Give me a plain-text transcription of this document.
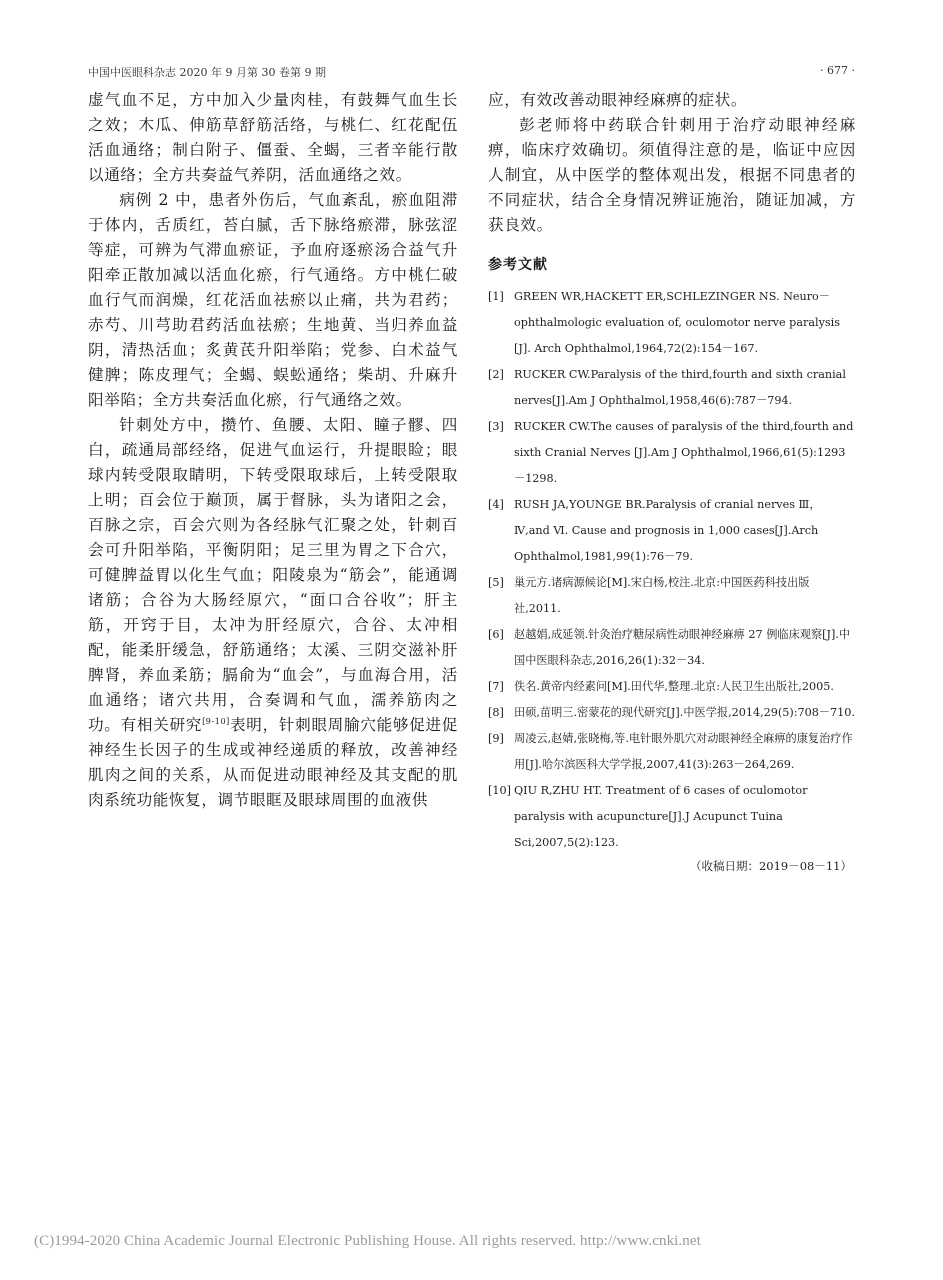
中国中医眼科杂志 2020 年 9 月第 30 卷第 9 期	· 677 ·

虚气血不足，方中加入少量肉桂，有鼓舞气血生长之效；木瓜、伸筋草舒筋活络，与桃仁、红花配伍活血通络；制白附子、僵蚕、全蝎，三者辛能行散以通络；全方共奏益气养阴，活血通络之效。

病例 2 中，患者外伤后，气血紊乱，瘀血阻滞于体内，舌质红，苔白腻，舌下脉络瘀滞，脉弦涩等症，可辨为气滞血瘀证，予血府逐瘀汤合益气升阳牵正散加减以活血化瘀，行气通络。方中桃仁破血行气而润燥，红花活血祛瘀以止痛，共为君药；赤芍、川芎助君药活血祛瘀；生地黄、当归养血益阴，清热活血；炙黄芪升阳举陷；党参、白术益气健脾；陈皮理气；全蝎、蜈蚣通络；柴胡、升麻升阳举陷；全方共奏活血化瘀，行气通络之效。

针刺处方中，攒竹、鱼腰、太阳、瞳子髎、四白，疏通局部经络，促进气血运行，升提眼睑；眼球内转受限取睛明，下转受限取球后，上转受限取上明；百会位于巅顶，属于督脉，头为诸阳之会，百脉之宗，百会穴则为各经脉气汇聚之处，针刺百会可升阳举陷，平衡阴阳；足三里为胃之下合穴，可健脾益胃以化生气血；阳陵泉为“筋会”，能通调诸筋；合谷为大肠经原穴，“面口合谷收”；肝主筋，开窍于目，太冲为肝经原穴，合谷、太冲相配，能柔肝缓急，舒筋通络；太溪、三阴交滋补肝脾肾，养血柔筋；膈俞为“血会”，与血海合用，活血通络；诸穴共用，合奏调和气血，濡养筋肉之功。有相关研究[9-10]表明，针刺眼周腧穴能够促进促神经生长因子的生成或神经递质的释放，改善神经肌肉之间的关系，从而促进动眼神经及其支配的肌肉系统功能恢复，调节眼眶及眼球周围的血液供

应，有效改善动眼神经麻痹的症状。

彭老师将中药联合针刺用于治疗动眼神经麻痹，临床疗效确切。须值得注意的是，临证中应因人制宜，从中医学的整体观出发，根据不同患者的不同症状，结合全身情况辨证施治，随证加减，方获良效。

参考文献
[1] GREEN WR,HACKETT ER,SCHLEZINGER NS. Neuro－ophthalmologic evaluation of, oculomotor nerve paralysis [J]. Arch Ophthalmol,1964,72(2):154－167.
[2] RUCKER CW.Paralysis of the third,fourth and sixth cranial nerves[J].Am J Ophthalmol,1958,46(6):787－794.
[3] RUCKER CW.The causes of paralysis of the third,fourth and sixth Cranial Nerves [J].Am J Ophthalmol,1966,61(5):1293－1298.
[4] RUSH JA,YOUNGE BR.Paralysis of cranial nerves Ⅲ，Ⅳ,and Ⅵ. Cause and prognosis in 1,000 cases[J].Arch Ophthalmol,1981,99(1):76－79.
[5] 巢元方.诸病源候论[M].宋白杨,校注.北京:中国医药科技出版社,2011.
[6] 赵越娟,成延领.针灸治疗糖尿病性动眼神经麻痹 27 例临床观察[J].中国中医眼科杂志,2016,26(1):32－34.
[7] 佚名.黄帝内经素问[M].田代华,整理.北京:人民卫生出版社,2005.
[8] 田硕,苗明三.密蒙花的现代研究[J].中医学报,2014,29(5):708－710.
[9] 周凌云,赵婧,张晓梅,等.电针眼外肌穴对动眼神经全麻痹的康复治疗作用[J].哈尔滨医科大学学报,2007,41(3):263－264,269.
[10] QIU R,ZHU HT. Treatment of 6 cases of oculomotor paralysis with acupuncture[J].J Acupunct Tuina Sci,2007,5(2):123.
（收稿日期：2019－08－11）
(C)1994-2020 China Academic Journal Electronic Publishing House. All rights reserved. http://www.cnki.net
